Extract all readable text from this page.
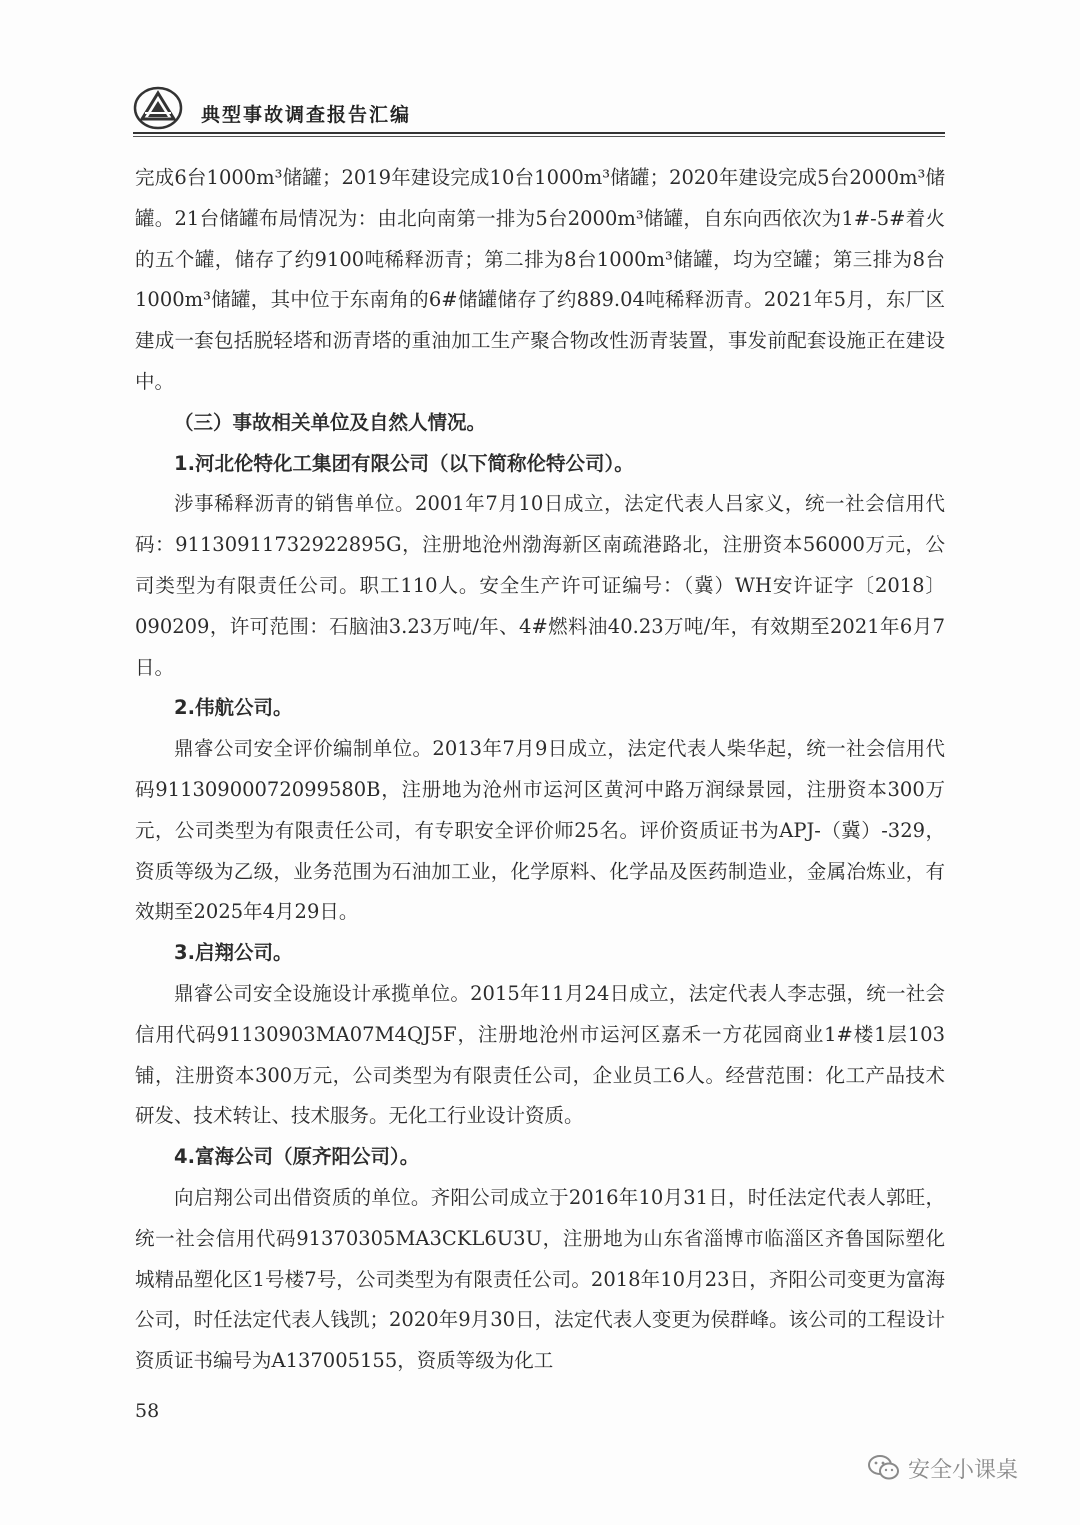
典型事故调查报告汇编

完成6台1000m³储罐；2019年建设完成10台1000m³储罐；2020年建设完成5台2000m³储罐。21台储罐布局情况为：由北向南第一排为5台2000m³储罐，自东向西依次为1#-5#着火的五个罐，储存了约9100吨稀释沥青；第二排为8台1000m³储罐，均为空罐；第三排为8台1000m³储罐，其中位于东南角的6#储罐储存了约889.04吨稀释沥青。2021年5月，东厂区建成一套包括脱轻塔和沥青塔的重油加工生产聚合物改性沥青装置，事发前配套设施正在建设中。

（三）事故相关单位及自然人情况。
1.河北伦特化工集团有限公司（以下简称伦特公司）。

涉事稀释沥青的销售单位。2001年7月10日成立，法定代表人吕家义，统一社会信用代码：91130911732922895G，注册地沧州渤海新区南疏港路北，注册资本56000万元，公司类型为有限责任公司。职工110人。安全生产许可证编号：（冀）WH安许证字〔2018〕090209，许可范围：石脑油3.23万吨/年、4#燃料油40.23万吨/年，有效期至2021年6月7日。

2.伟航公司。

鼎睿公司安全评价编制单位。2013年7月9日成立，法定代表人柴华起，统一社会信用代码91130900072099580B，注册地为沧州市运河区黄河中路万润绿景园，注册资本300万元，公司类型为有限责任公司，有专职安全评价师25名。评价资质证书为APJ-（冀）-329，资质等级为乙级，业务范围为石油加工业，化学原料、化学品及医药制造业，金属冶炼业，有效期至2025年4月29日。

3.启翔公司。

鼎睿公司安全设施设计承揽单位。2015年11月24日成立，法定代表人李志强，统一社会信用代码91130903MA07M4QJ5F，注册地沧州市运河区嘉禾一方花园商业1#楼1层103铺，注册资本300万元，公司类型为有限责任公司，企业员工6人。经营范围：化工产品技术研发、技术转让、技术服务。无化工行业设计资质。

4.富海公司（原齐阳公司）。

向启翔公司出借资质的单位。齐阳公司成立于2016年10月31日，时任法定代表人郭旺，统一社会信用代码91370305MA3CKL6U3U，注册地为山东省淄博市临淄区齐鲁国际塑化城精品塑化区1号楼7号，公司类型为有限责任公司。2018年10月23日，齐阳公司变更为富海公司，时任法定代表人钱凯；2020年9月30日，法定代表人变更为侯群峰。该公司的工程设计资质证书编号为A137005155，资质等级为化工

58
安全小课桌
